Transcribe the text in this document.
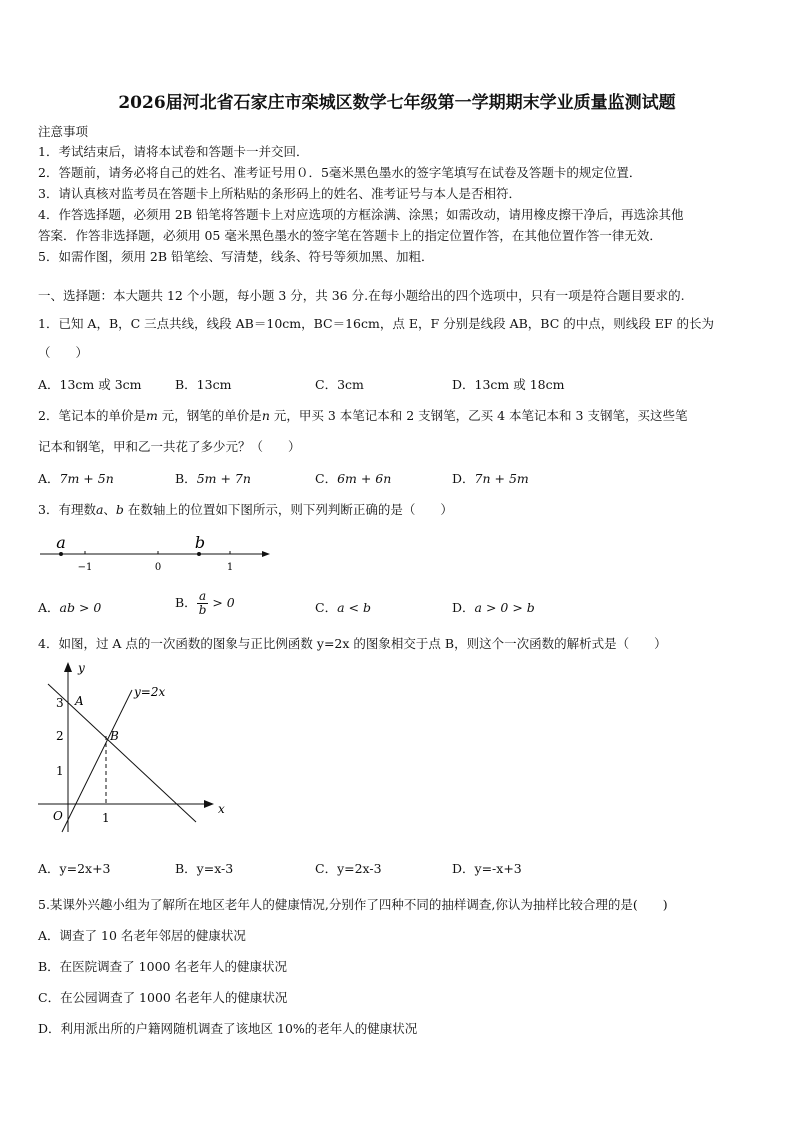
2026届河北省石家庄市栾城区数学七年级第一学期期末学业质量监测试题
注意事项
1．考试结束后，请将本试卷和答题卡一并交回．
2．答题前，请务必将自己的姓名、准考证号用０．5毫米黑色墨水的签字笔填写在试卷及答题卡的规定位置．
3．请认真核对监考员在答题卡上所粘贴的条形码上的姓名、准考证号与本人是否相符．
4．作答选择题，必须用 2B 铅笔将答题卡上对应选项的方框涂满、涂黑；如需改动，请用橡皮擦干净后，再选涂其他
答案．作答非选择题，必须用 05 毫米黑色墨水的签字笔在答题卡上的指定位置作答，在其他位置作答一律无效．
5．如需作图，须用 2B 铅笔绘、写清楚，线条、符号等须加黑、加粗．
一、选择题：本大题共 12 个小题，每小题 3 分，共 36 分.在每小题给出的四个选项中，只有一项是符合题目要求的.
1．已知 A，B，C 三点共线，线段 AB＝10cm，BC＝16cm，点 E，F 分别是线段 AB，BC 的中点，则线段 EF 的长为
（　　）
A．13cm 或 3cm	B．13cm	C．3cm	D．13cm 或 18cm
2．笔记本的单价是m 元，钢笔的单价是n 元，甲买 3 本笔记本和 2 支钢笔，乙买 4 本笔记本和 3 支钢笔，买这些笔
记本和钢笔，甲和乙一共花了多少元？（　　）
A．7m + 5n	B．5m + 7n	C．6m + 6n	D．7n + 5m
3．有理数a、b 在数轴上的位置如下图所示，则下列判断正确的是（　　）
a	b
−1	0	1
A．ab > 0	B． $\frac{a}{b} > 0$	C．a < b	D．a > 0 > b
4．如图，过 A 点的一次函数的图象与正比例函数 y=2x 的图象相交于点 B，则这个一次函数的解析式是（　　）
y
x
O
3
2
1
1
A
B
y=2x
A．y=2x+3	B．y=x-3	C．y=2x-3	D．y=-x+3
5.某课外兴趣小组为了解所在地区老年人的健康情况,分别作了四种不同的抽样调查,你认为抽样比较合理的是(　　)
A．调查了 10 名老年邻居的健康状况
B．在医院调查了 1000 名老年人的健康状况
C．在公园调查了 1000 名老年人的健康状况
D．利用派出所的户籍网随机调查了该地区 10%的老年人的健康状况
